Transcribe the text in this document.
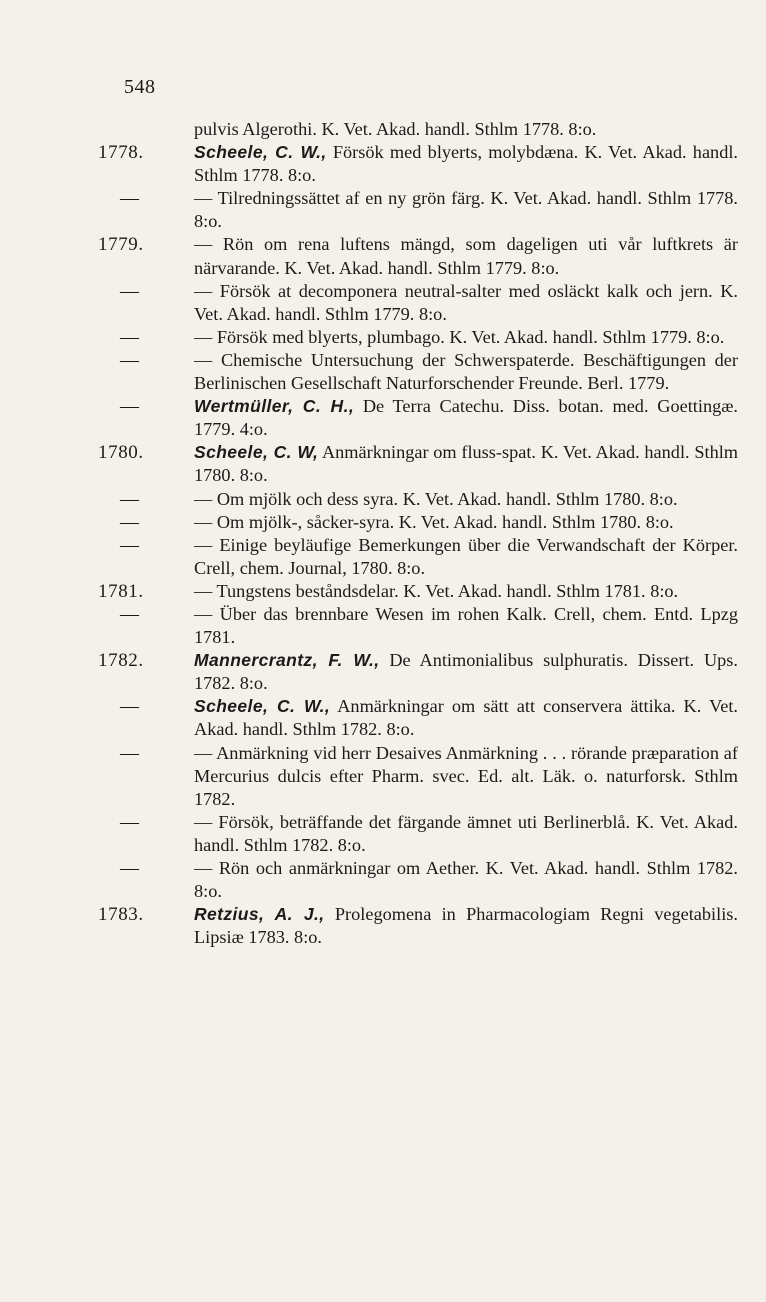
548
pulvis Algerothi. K. Vet. Akad. handl. Sthlm 1778. 8:o.
1778.	Scheele, C. W., Försök med blyerts, molybdæna. K. Vet. Akad. handl. Sthlm 1778. 8:o.
—	— Tilredningssättet af en ny grön färg. K. Vet. Akad. handl. Sthlm 1778. 8:o.
1779.	— Rön om rena luftens mängd, som dageligen uti vår luftkrets är närvarande. K. Vet. Akad. handl. Sthlm 1779. 8:o.
—	— Försök at decomponera neutral-salter med osläckt kalk och jern. K. Vet. Akad. handl. Sthlm 1779. 8:o.
—	— Försök med blyerts, plumbago. K. Vet. Akad. handl. Sthlm 1779. 8:o.
—	— Chemische Untersuchung der Schwerspaterde. Beschäftigungen der Berlinischen Gesellschaft Naturforschender Freunde. Berl. 1779.
—	Wertmüller, C. H., De Terra Catechu. Diss. botan. med. Goettingæ. 1779. 4:o.
1780.	Scheele, C. W, Anmärkningar om fluss-spat. K. Vet. Akad. handl. Sthlm 1780. 8:o.
—	— Om mjölk och dess syra. K. Vet. Akad. handl. Sthlm 1780. 8:o.
—	— Om mjölk-, såcker-syra. K. Vet. Akad. handl. Sthlm 1780. 8:o.
—	— Einige beyläufige Bemerkungen über die Verwandschaft der Körper. Crell, chem. Journal, 1780. 8:o.
1781.	— Tungstens beståndsdelar. K. Vet. Akad. handl. Sthlm 1781. 8:o.
—	— Über das brennbare Wesen im rohen Kalk. Crell, chem. Entd. Lpzg 1781.
1782.	Mannercrantz, F. W., De Antimonialibus sulphuratis. Dissert. Ups. 1782. 8:o.
—	Scheele, C. W., Anmärkningar om sätt att conservera ättika. K. Vet. Akad. handl. Sthlm 1782. 8:o.
—	— Anmärkning vid herr Desaives Anmärkning . . . rörande præparation af Mercurius dulcis efter Pharm. svec. Ed. alt. Läk. o. naturforsk. Sthlm 1782.
—	— Försök, beträffande det färgande ämnet uti Berlinerblå. K. Vet. Akad. handl. Sthlm 1782. 8:o.
—	— Rön och anmärkningar om Aether. K. Vet. Akad. handl. Sthlm 1782. 8:o.
1783.	Retzius, A. J., Prolegomena in Pharmacologiam Regni vegetabilis. Lipsiæ 1783. 8:o.
